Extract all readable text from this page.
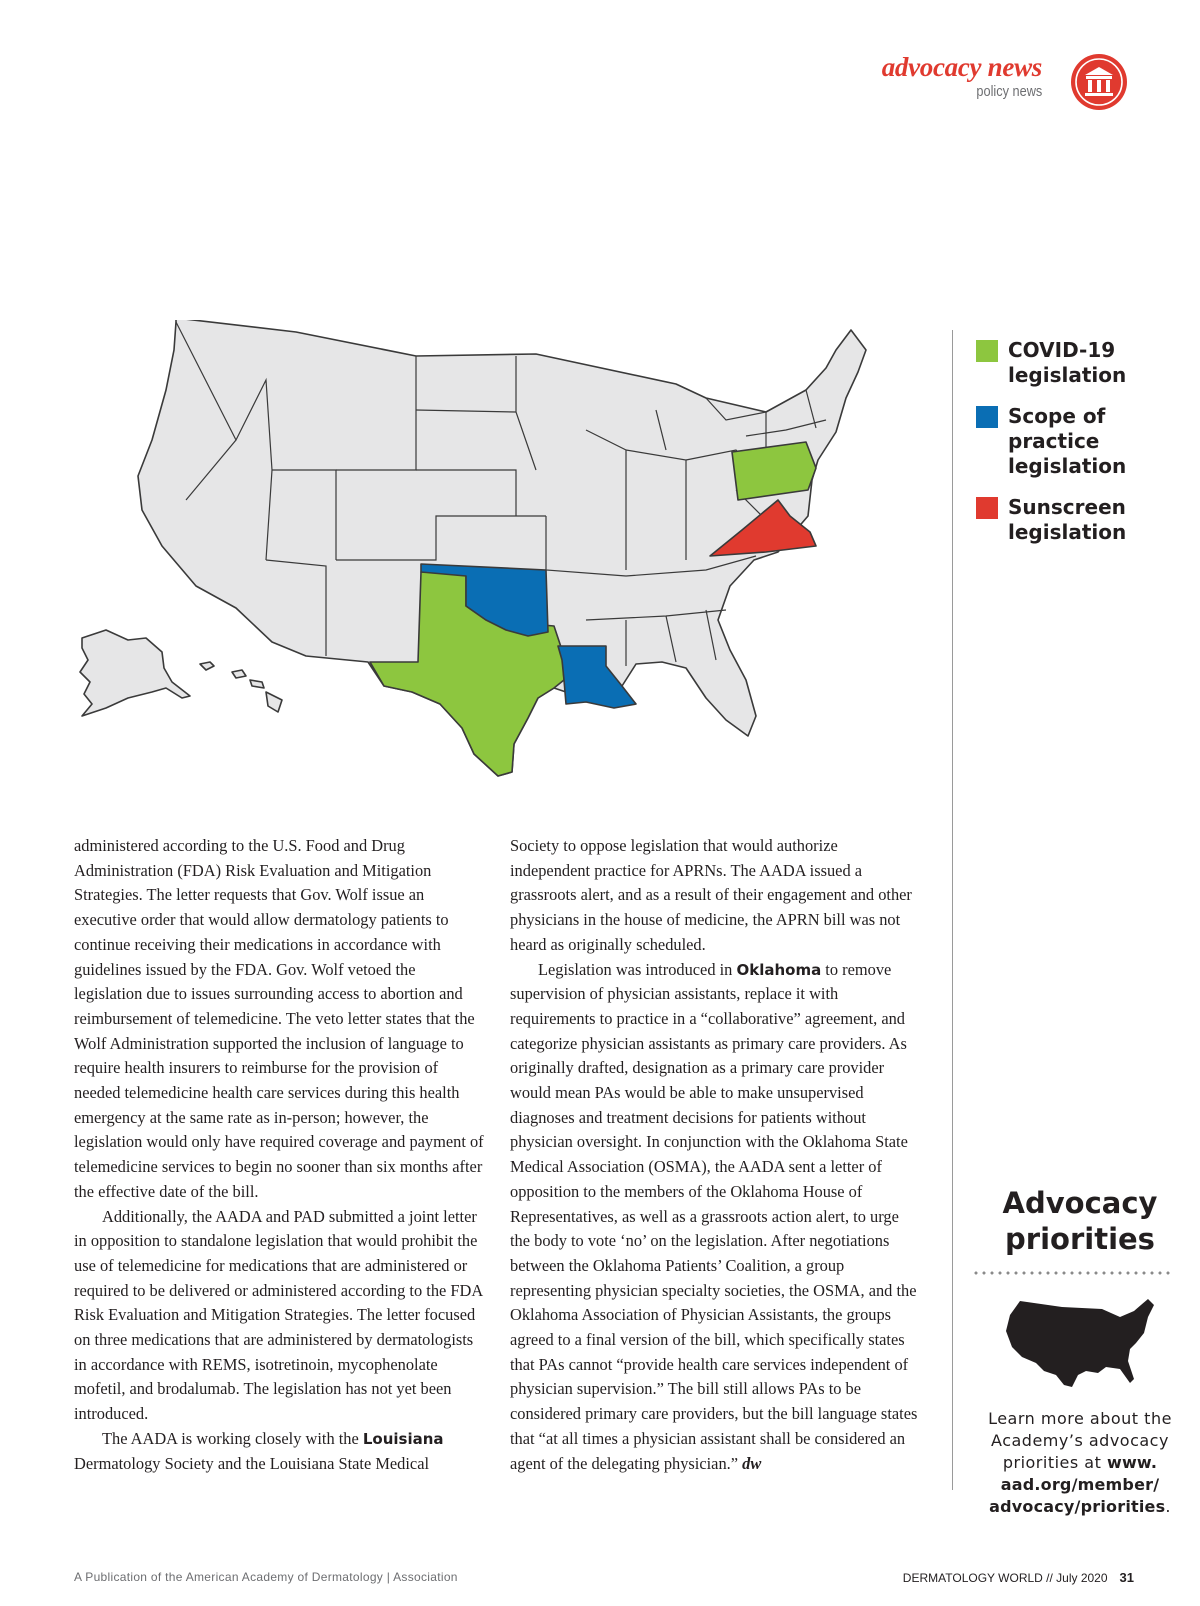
advocacy news
policy news
COVID-19
legislation
Scope of
practice
legislation
Sunscreen
legislation

administered according to the U.S. Food and Drug Administration (FDA) Risk Evaluation and Mitigation Strategies. The letter requests that Gov. Wolf issue an executive order that would allow dermatology patients to continue receiving their medications in accordance with guidelines issued by the FDA. Gov. Wolf vetoed the legislation due to issues surrounding access to abortion and reimbursement of telemedicine. The veto letter states that the Wolf Administration supported the inclusion of language to require health insurers to reimburse for the provision of needed telemedicine health care services during this health emergency at the same rate as in-person; however, the legislation would only have required coverage and payment of telemedicine services to begin no sooner than six months after the effective date of the bill.

Additionally, the AADA and PAD submitted a joint letter in opposition to standalone legislation that would prohibit the use of telemedicine for medications that are administered or required to be delivered or administered according to the FDA Risk Evaluation and Mitigation Strategies. The letter focused on three medications that are administered by dermatologists in accordance with REMS, isotretinoin, mycophenolate mofetil, and brodalumab. The legislation has not yet been introduced.

The AADA is working closely with the Louisiana Dermatology Society and the Louisiana State Medical

Society to oppose legislation that would authorize independent practice for APRNs. The AADA issued a grassroots alert, and as a result of their engagement and other physicians in the house of medicine, the APRN bill was not heard as originally scheduled.

Legislation was introduced in Oklahoma to remove supervision of physician assistants, replace it with requirements to practice in a “collaborative” agreement, and categorize physician assistants as primary care providers. As originally drafted, designation as a primary care provider would mean PAs would be able to make unsupervised diagnoses and treatment decisions for patients without physician oversight. In conjunction with the Oklahoma State Medical Association (OSMA), the AADA sent a letter of opposition to the members of the Oklahoma House of Representatives, as well as a grassroots action alert, to urge the body to vote ‘no’ on the legislation. After negotiations between the Oklahoma Patients’ Coalition, a group representing physician specialty societies, the OSMA, and the Oklahoma Association of Physician Assistants, the groups agreed to a final version of the bill, which specifically states that PAs cannot “provide health care services independent of physician supervision.” The bill still allows PAs to be considered primary care providers, but the bill language states that “at all times a physician assistant shall be considered an agent of the delegating physician.” dw

Advocacy
priorities
Learn more about the Academy’s advocacy priorities at www.
aad.org/member/
advocacy/priorities.
A Publication of the American Academy of Dermatology | Association	DERMATOLOGY WORLD // July 2020 31
